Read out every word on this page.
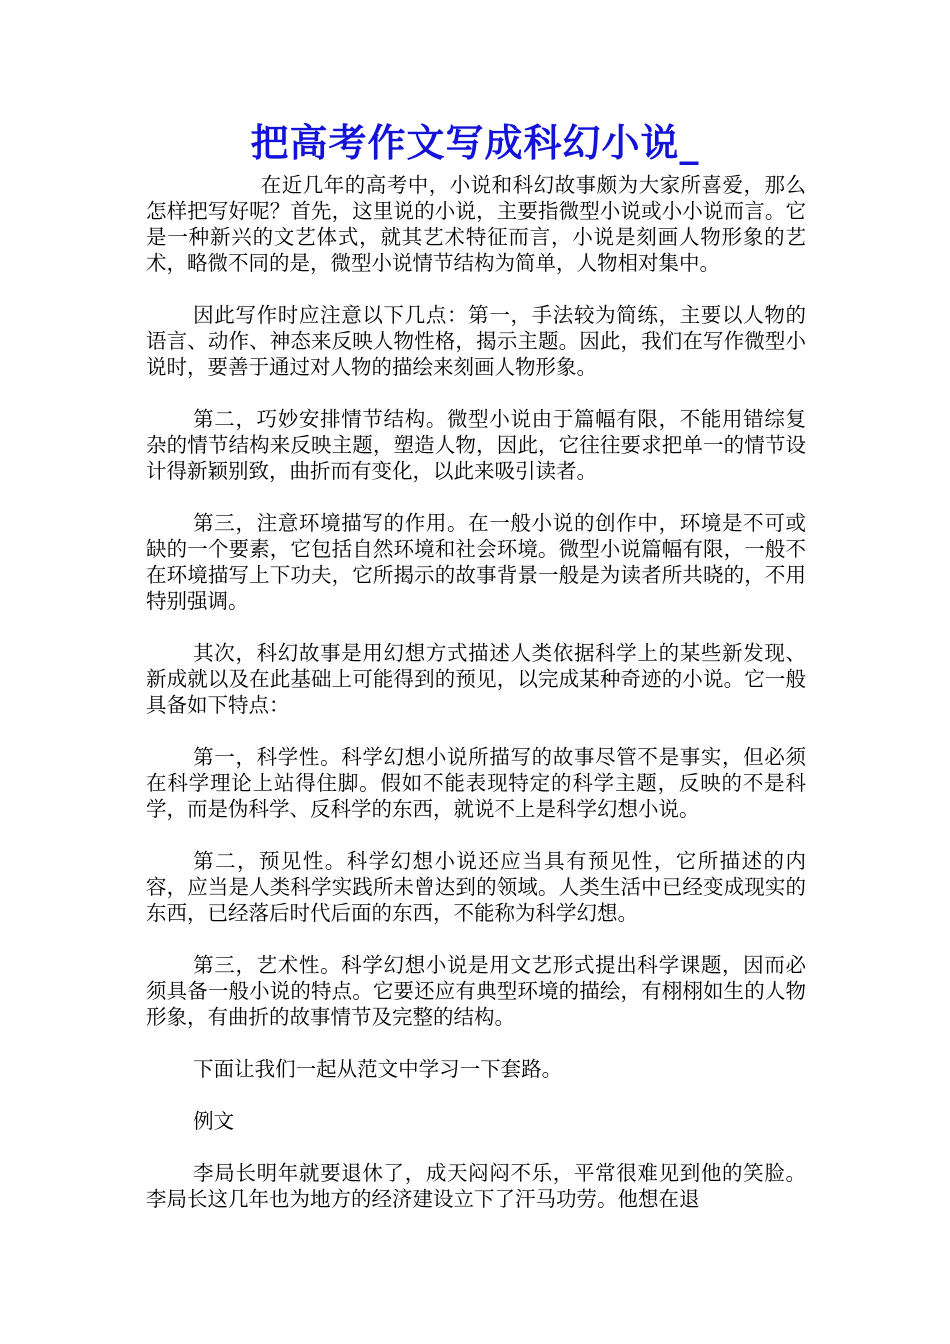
把高考作文写成科幻小说_

在近几年的高考中，小说和科幻故事颇为大家所喜爱，那么怎样把写好呢？首先，这里说的小说，主要指微型小说或小小说而言。它是一种新兴的文艺体式，就其艺术特征而言，小说是刻画人物形象的艺术，略微不同的是，微型小说情节结构为简单，人物相对集中。

因此写作时应注意以下几点：第一，手法较为简练，主要以人物的语言、动作、神态来反映人物性格，揭示主题。因此，我们在写作微型小说时，要善于通过对人物的描绘来刻画人物形象。

第二，巧妙安排情节结构。微型小说由于篇幅有限，不能用错综复杂的情节结构来反映主题，塑造人物，因此，它往往要求把单一的情节设计得新颖别致，曲折而有变化，以此来吸引读者。

第三，注意环境描写的作用。在一般小说的创作中，环境是不可或缺的一个要素，它包括自然环境和社会环境。微型小说篇幅有限，一般不在环境描写上下功夫，它所揭示的故事背景一般是为读者所共晓的，不用特别强调。

其次，科幻故事是用幻想方式描述人类依据科学上的某些新发现、新成就以及在此基础上可能得到的预见，以完成某种奇迹的小说。它一般具备如下特点：

第一，科学性。科学幻想小说所描写的故事尽管不是事实，但必须在科学理论上站得住脚。假如不能表现特定的科学主题，反映的不是科学，而是伪科学、反科学的东西，就说不上是科学幻想小说。

第二，预见性。科学幻想小说还应当具有预见性，它所描述的内容，应当是人类科学实践所未曾达到的领域。人类生活中已经变成现实的东西，已经落后时代后面的东西，不能称为科学幻想。

第三，艺术性。科学幻想小说是用文艺形式提出科学课题，因而必须具备一般小说的特点。它要还应有典型环境的描绘，有栩栩如生的人物形象，有曲折的故事情节及完整的结构。

下面让我们一起从范文中学习一下套路。

例文

李局长明年就要退休了，成天闷闷不乐，平常很难见到他的笑脸。李局长这几年也为地方的经济建设立下了汗马功劳。他想在退
